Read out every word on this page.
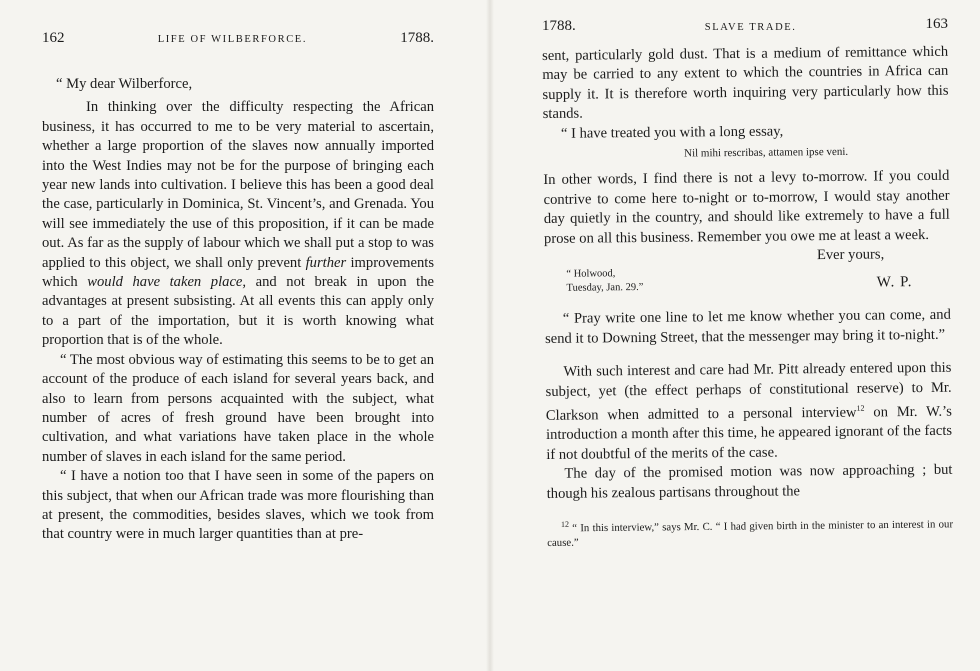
162	LIFE OF WILBERFORCE.	1788.

“ My dear Wilberforce,

In thinking over the difficulty respecting the African business, it has occurred to me to be very material to ascertain, whether a large proportion of the slaves now annually imported into the West Indies may not be for the purpose of bringing each year new lands into cultivation. I believe this has been a good deal the case, particularly in Dominica, St. Vincent’s, and Grenada. You will see immediately the use of this proposition, if it can be made out. As far as the supply of labour which we shall put a stop to was applied to this object, we shall only prevent further improvements which would have taken place, and not break in upon the advantages at present subsisting. At all events this can apply only to a part of the importation, but it is worth knowing what proportion that is of the whole.

“ The most obvious way of estimating this seems to be to get an account of the produce of each island for several years back, and also to learn from persons acquainted with the subject, what number of acres of fresh ground have been brought into cultivation, and what variations have taken place in the whole number of slaves in each island for the same period.

“ I have a notion too that I have seen in some of the papers on this subject, that when our African trade was more flourishing than at present, the commodities, besides slaves, which we took from that country were in much larger quantities than at pre-

1788.	SLAVE TRADE.	163

sent, particularly gold dust. That is a medium of remittance which may be carried to any extent to which the countries in Africa can supply it. It is therefore worth inquiring very particularly how this stands.

“ I have treated you with a long essay,

Nil mihi rescribas, attamen ipse veni.

In other words, I find there is not a levy to-morrow. If you could contrive to come here to-night or to-morrow, I would stay another day quietly in the country, and should like extremely to have a full prose on all this business. Remember you owe me at least a week.

Ever yours,

“ Holwood,
Tuesday, Jan. 29.”	W. P.

“ Pray write one line to let me know whether you can come, and send it to Downing Street, that the messenger may bring it to-night.”

With such interest and care had Mr. Pitt already entered upon this subject, yet (the effect perhaps of constitutional reserve) to Mr. Clarkson when admitted to a personal interview$^{12}$ on Mr. W.’s introduction a month after this time, he appeared ignorant of the facts if not doubtful of the merits of the case.

The day of the promised motion was now approaching ; but though his zealous partisans throughout the

$^{12}$ “ In this interview,” says Mr. C. “ I had given birth in the minister to an interest in our cause.”
